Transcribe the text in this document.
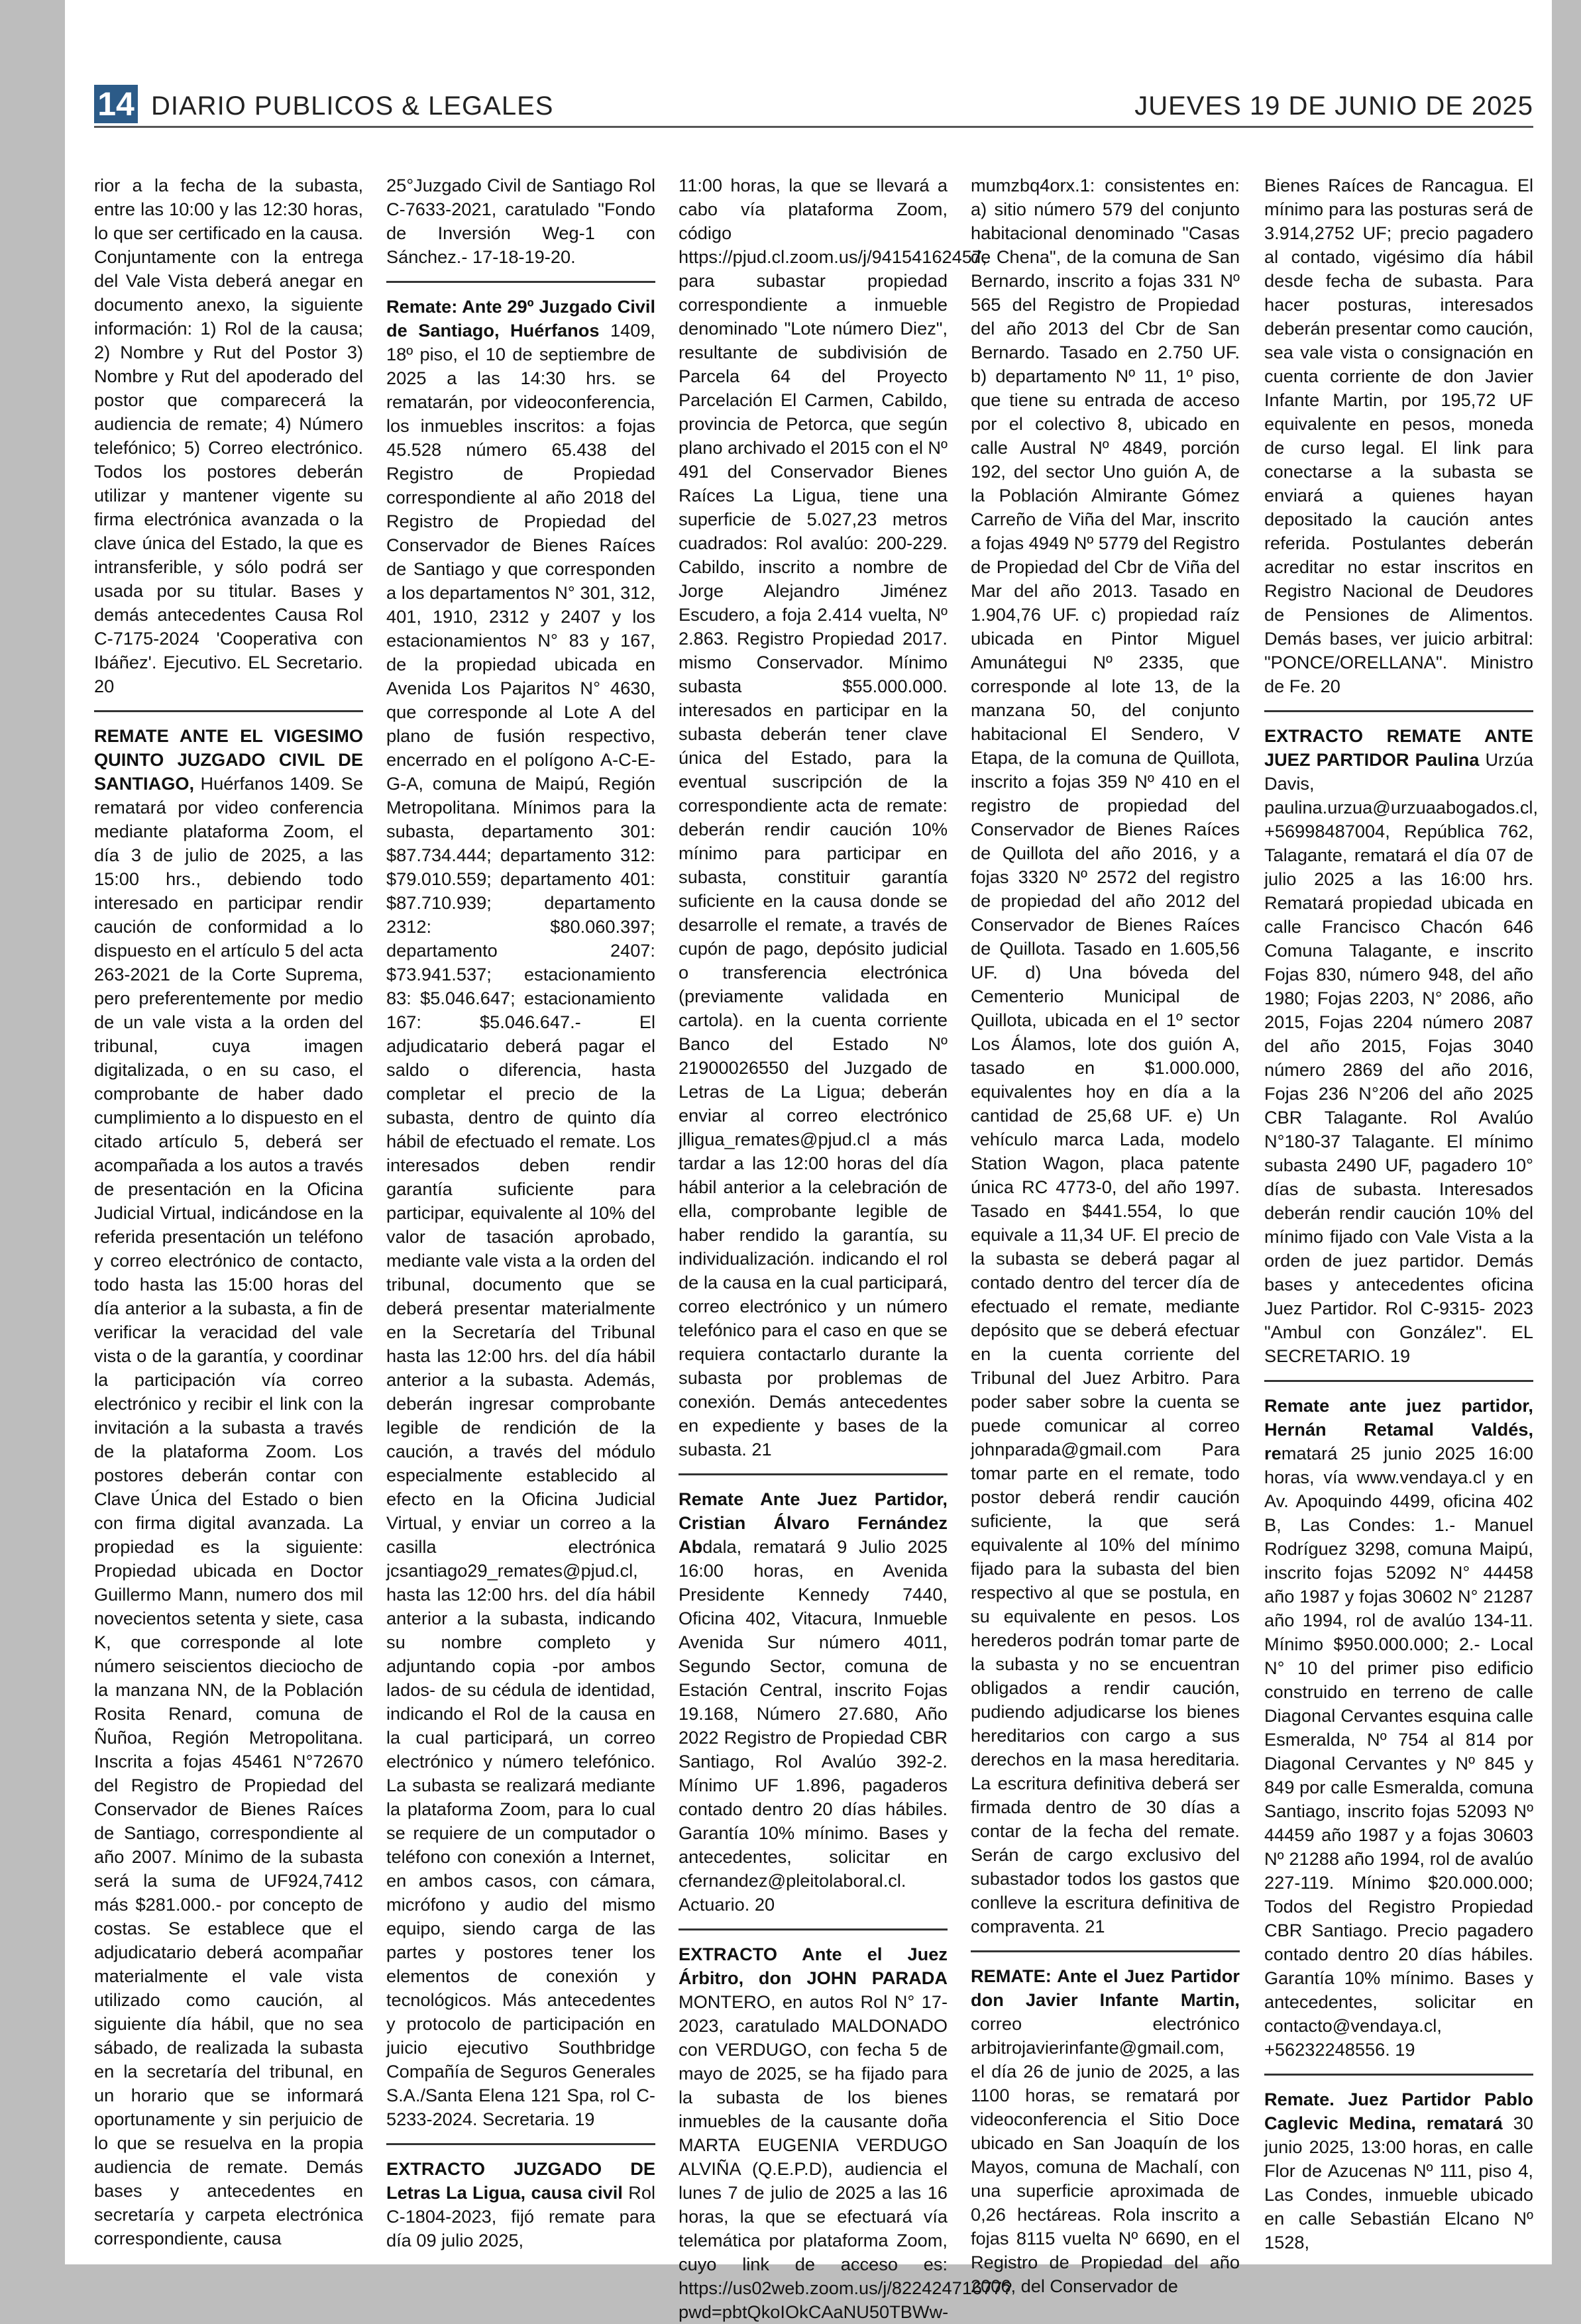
14 DIARIO PUBLICOS & LEGALES	JUEVES 19 DE JUNIO DE 2025

rior a la fecha de la subasta, entre las 10:00 y las 12:30 horas, lo que ser certificado en la causa. Conjuntamente con la entrega del Vale Vista deberá anegar en documento anexo, la siguiente información: 1) Rol de la causa; 2) Nombre y Rut del Postor 3) Nombre y Rut del apoderado del postor que comparecerá la audiencia de remate; 4) Número telefónico; 5) Correo electrónico. Todos los postores deberán utilizar y mantener vigente su firma electrónica avanzada o la clave única del Estado, la que es intransferible, y sólo podrá ser usada por su titular. Bases y demás antecedentes Causa Rol C-7175-2024 'Cooperativa con Ibáñez'. Ejecutivo. EL Secretario. 20

REMATE ANTE EL VIGESIMO QUINTO JUZGADO CIVIL DE SANTIAGO, Huérfanos 1409. Se rematará por video conferencia mediante plataforma Zoom, el día 3 de julio de 2025, a las 15:00 hrs., debiendo todo interesado en participar rendir caución de conformidad a lo dispuesto en el artículo 5 del acta 263-2021 de la Corte Suprema, pero preferentemente por medio de un vale vista a la orden del tribunal, cuya imagen digitalizada, o en su caso, el comprobante de haber dado cumplimiento a lo dispuesto en el citado artículo 5, deberá ser acompañada a los autos a través de presentación en la Oficina Judicial Virtual, indicándose en la referida presentación un teléfono y correo electrónico de contacto, todo hasta las 15:00 horas del día anterior a la subasta, a fin de verificar la veracidad del vale vista o de la garantía, y coordinar la participación vía correo electrónico y recibir el link con la invitación a la subasta a través de la plataforma Zoom. Los postores deberán contar con Clave Única del Estado o bien con firma digital avanzada. La propiedad es la siguiente: Propiedad ubicada en Doctor Guillermo Mann, numero dos mil novecientos setenta y siete, casa K, que corresponde al lote número seiscientos dieciocho de la manzana NN, de la Población Rosita Renard, comuna de Ñuñoa, Región Metropolitana. Inscrita a fojas 45461 N°72670 del Registro de Propiedad del Conservador de Bienes Raíces de Santiago, correspondiente al año 2007. Mínimo de la subasta será la suma de UF924,7412 más $281.000.- por concepto de costas. Se establece que el adjudicatario deberá acompañar materialmente el vale vista utilizado como caución, al siguiente día hábil, que no sea sábado, de realizada la subasta en la secretaría del tribunal, en un horario que se informará oportunamente y sin perjuicio de lo que se resuelva en la propia audiencia de remate. Demás bases y antecedentes en secretaría y carpeta electrónica correspondiente, causa

25°Juzgado Civil de Santiago Rol C-7633-2021, caratulado "Fondo de Inversión Weg-1 con Sánchez.- 17-18-19-20.

Remate: Ante 29º Juzgado Civil de Santiago, Huérfanos 1409, 18º piso, el 10 de septiembre de 2025 a las 14:30 hrs. se rematarán, por videoconferencia, los inmuebles inscritos: a fojas 45.528 número 65.438 del Registro de Propiedad correspondiente al año 2018 del Registro de Propiedad del Conservador de Bienes Raíces de Santiago y que corresponden a los departamentos N° 301, 312, 401, 1910, 2312 y 2407 y los estacionamientos N° 83 y 167, de la propiedad ubicada en Avenida Los Pajaritos N° 4630, que corresponde al Lote A del plano de fusión respectivo, encerrado en el polígono A-C-E-G-A, comuna de Maipú, Región Metropolitana. Mínimos para la subasta, departamento 301: $87.734.444; departamento 312: $79.010.559; departamento 401: $87.710.939; departamento 2312: $80.060.397; departamento 2407: $73.941.537; estacionamiento 83: $5.046.647; estacionamiento 167: $5.046.647.- El adjudicatario deberá pagar el saldo o diferencia, hasta completar el precio de la subasta, dentro de quinto día hábil de efectuado el remate. Los interesados deben rendir garantía suficiente para participar, equivalente al 10% del valor de tasación aprobado, mediante vale vista a la orden del tribunal, documento que se deberá presentar materialmente en la Secretaría del Tribunal hasta las 12:00 hrs. del día hábil anterior a la subasta. Además, deberán ingresar comprobante legible de rendición de la caución, a través del módulo especialmente establecido al efecto en la Oficina Judicial Virtual, y enviar un correo a la casilla electrónica jcsantiago29_remates@pjud.cl, hasta las 12:00 hrs. del día hábil anterior a la subasta, indicando su nombre completo y adjuntando copia -por ambos lados- de su cédula de identidad, indicando el Rol de la causa en la cual participará, un correo electrónico y número telefónico. La subasta se realizará mediante la plataforma Zoom, para lo cual se requiere de un computador o teléfono con conexión a Internet, en ambos casos, con cámara, micrófono y audio del mismo equipo, siendo carga de las partes y postores tener los elementos de conexión y tecnológicos. Más antecedentes y protocolo de participación en juicio ejecutivo Southbridge Compañía de Seguros Generales S.A./Santa Elena 121 Spa, rol C-5233-2024. Secretaria. 19

EXTRACTO JUZGADO DE Letras La Ligua, causa civil Rol C-1804-2023, fijó remate para día 09 julio 2025,

11:00 horas, la que se llevará a cabo vía plataforma Zoom, código https://pjud.cl.zoom.us/j/94154162457, para subastar propiedad correspondiente a inmueble denominado "Lote número Diez", resultante de subdivisión de Parcela 64 del Proyecto Parcelación El Carmen, Cabildo, provincia de Petorca, que según plano archivado el 2015 con el Nº 491 del Conservador Bienes Raíces La Ligua, tiene una superficie de 5.027,23 metros cuadrados: Rol avalúo: 200-229. Cabildo, inscrito a nombre de Jorge Alejandro Jiménez Escudero, a foja 2.414 vuelta, Nº 2.863. Registro Propiedad 2017. mismo Conservador. Mínimo subasta $55.000.000. interesados en participar en la subasta deberán tener clave única del Estado, para la eventual suscripción de la correspondiente acta de remate: deberán rendir caución 10% mínimo para participar en subasta, constituir garantía suficiente en la causa donde se desarrolle el remate, a través de cupón de pago, depósito judicial o transferencia electrónica (previamente validada en cartola). en la cuenta corriente Banco del Estado Nº 21900026550 del Juzgado de Letras de La Ligua; deberán enviar al correo electrónico jlligua_remates@pjud.cl a más tardar a las 12:00 horas del día hábil anterior a la celebración de ella, comprobante legible de haber rendido la garantía, su individualización. indicando el rol de la causa en la cual participará, correo electrónico y un número telefónico para el caso en que se requiera contactarlo durante la subasta por problemas de conexión. Demás antecedentes en expediente y bases de la subasta. 21

Remate Ante Juez Partidor, Cristian Álvaro Fernández Abdala, rematará 9 Julio 2025 16:00 horas, en Avenida Presidente Kennedy 7440, Oficina 402, Vitacura, Inmueble Avenida Sur número 4011, Segundo Sector, comuna de Estación Central, inscrito Fojas 19.168, Número 27.680, Año 2022 Registro de Propiedad CBR Santiago, Rol Avalúo 392-2. Mínimo UF 1.896, pagaderos contado dentro 20 días hábiles. Garantía 10% mínimo. Bases y antecedentes, solicitar en cfernandez@pleitolaboral.cl. Actuario. 20

EXTRACTO Ante el Juez Árbitro, don JOHN PARADA MONTERO, en autos Rol N° 17-2023, caratulado MALDONADO con VERDUGO, con fecha 5 de mayo de 2025, se ha fijado para la subasta de los bienes inmuebles de la causante doña MARTA EUGENIA VERDUGO ALVIÑA (Q.E.P.D), audiencia el lunes 7 de julio de 2025 a las 16 horas, la que se efectuará vía telemática por plataforma Zoom, cuyo link de acceso es: https://us02web.zoom.us/j/82242471677?pwd=pbtQkoIOkCAaNU50TBWw-

mumzbq4orx.1: consistentes en: a) sitio número 579 del conjunto habitacional denominado "Casas de Chena", de la comuna de San Bernardo, inscrito a fojas 331 Nº 565 del Registro de Propiedad del año 2013 del Cbr de San Bernardo. Tasado en 2.750 UF. b) departamento Nº 11, 1º piso, que tiene su entrada de acceso por el colectivo 8, ubicado en calle Austral Nº 4849, porción 192, del sector Uno guión A, de la Población Almirante Gómez Carreño de Viña del Mar, inscrito a fojas 4949 Nº 5779 del Registro de Propiedad del Cbr de Viña del Mar del año 2013. Tasado en 1.904,76 UF. c) propiedad raíz ubicada en Pintor Miguel Amunátegui Nº 2335, que corresponde al lote 13, de la manzana 50, del conjunto habitacional El Sendero, V Etapa, de la comuna de Quillota, inscrito a fojas 359 Nº 410 en el registro de propiedad del Conservador de Bienes Raíces de Quillota del año 2016, y a fojas 3320 Nº 2572 del registro de propiedad del año 2012 del Conservador de Bienes Raíces de Quillota. Tasado en 1.605,56 UF. d) Una bóveda del Cementerio Municipal de Quillota, ubicada en el 1º sector Los Álamos, lote dos guión A, tasado en $1.000.000, equivalentes hoy en día a la cantidad de 25,68 UF. e) Un vehículo marca Lada, modelo Station Wagon, placa patente única RC 4773-0, del año 1997. Tasado en $441.554, lo que equivale a 11,34 UF. El precio de la subasta se deberá pagar al contado dentro del tercer día de efectuado el remate, mediante depósito que se deberá efectuar en la cuenta corriente del Tribunal del Juez Arbitro. Para poder saber sobre la cuenta se puede comunicar al correo johnparada@gmail.com Para tomar parte en el remate, todo postor deberá rendir caución suficiente, la que será equivalente al 10% del mínimo fijado para la subasta del bien respectivo al que se postula, en su equivalente en pesos. Los herederos podrán tomar parte de la subasta y no se encuentran obligados a rendir caución, pudiendo adjudicarse los bienes hereditarios con cargo a sus derechos en la masa hereditaria. La escritura definitiva deberá ser firmada dentro de 30 días a contar de la fecha del remate. Serán de cargo exclusivo del subastador todos los gastos que conlleve la escritura definitiva de compraventa. 21

REMATE: Ante el Juez Partidor don Javier Infante Martin, correo electrónico arbitrojavierinfante@gmail.com, el día 26 de junio de 2025, a las 1100 horas, se rematará por videoconferencia el Sitio Doce ubicado en San Joaquín de los Mayos, comuna de Machalí, con una superficie aproximada de 0,26 hectáreas. Rola inscrito a fojas 8115 vuelta Nº 6690, en el Registro de Propiedad del año 2006, del Conservador de

Bienes Raíces de Rancagua. El mínimo para las posturas será de 3.914,2752 UF; precio pagadero al contado, vigésimo día hábil desde fecha de subasta. Para hacer posturas, interesados deberán presentar como caución, sea vale vista o consignación en cuenta corriente de don Javier Infante Martin, por 195,72 UF equivalente en pesos, moneda de curso legal. El link para conectarse a la subasta se enviará a quienes hayan depositado la caución antes referida. Postulantes deberán acreditar no estar inscritos en Registro Nacional de Deudores de Pensiones de Alimentos. Demás bases, ver juicio arbitral: "PONCE/ORELLANA". Ministro de Fe. 20

EXTRACTO REMATE ANTE JUEZ PARTIDOR Paulina Urzúa Davis, paulina.urzua@urzuaabogados.cl, +56998487004, República 762, Talagante, rematará el día 07 de julio 2025 a las 16:00 hrs. Rematará propiedad ubicada en calle Francisco Chacón 646 Comuna Talagante, e inscrito Fojas 830, número 948, del año 1980; Fojas 2203, N° 2086, año 2015, Fojas 2204 número 2087 del año 2015, Fojas 3040 número 2869 del año 2016, Fojas 236 N°206 del año 2025 CBR Talagante. Rol Avalúo N°180-37 Talagante. El mínimo subasta 2490 UF, pagadero 10° días de subasta. Interesados deberán rendir caución 10% del mínimo fijado con Vale Vista a la orden de juez partidor. Demás bases y antecedentes oficina Juez Partidor. Rol C-9315- 2023 "Ambul con González". EL SECRETARIO. 19

Remate ante juez partidor, Hernán Retamal Valdés, rematará 25 junio 2025 16:00 horas, vía www.vendaya.cl y en Av. Apoquindo 4499, oficina 402 B, Las Condes: 1.- Manuel Rodríguez 3298, comuna Maipú, inscrito fojas 52092 N° 44458 año 1987 y fojas 30602 N° 21287 año 1994, rol de avalúo 134-11. Mínimo $950.000.000; 2.- Local N° 10 del primer piso edificio construido en terreno de calle Diagonal Cervantes esquina calle Esmeralda, Nº 754 al 814 por Diagonal Cervantes y Nº 845 y 849 por calle Esmeralda, comuna Santiago, inscrito fojas 52093 Nº 44459 año 1987 y a fojas 30603 Nº 21288 año 1994, rol de avalúo 227-119. Mínimo $20.000.000; Todos del Registro Propiedad CBR Santiago. Precio pagadero contado dentro 20 días hábiles. Garantía 10% mínimo. Bases y antecedentes, solicitar en contacto@vendaya.cl, +56232248556. 19

Remate. Juez Partidor Pablo Caglevic Medina, rematará 30 junio 2025, 13:00 horas, en calle Flor de Azucenas Nº 111, piso 4, Las Condes, inmueble ubicado en calle Sebastián Elcano Nº 1528,
